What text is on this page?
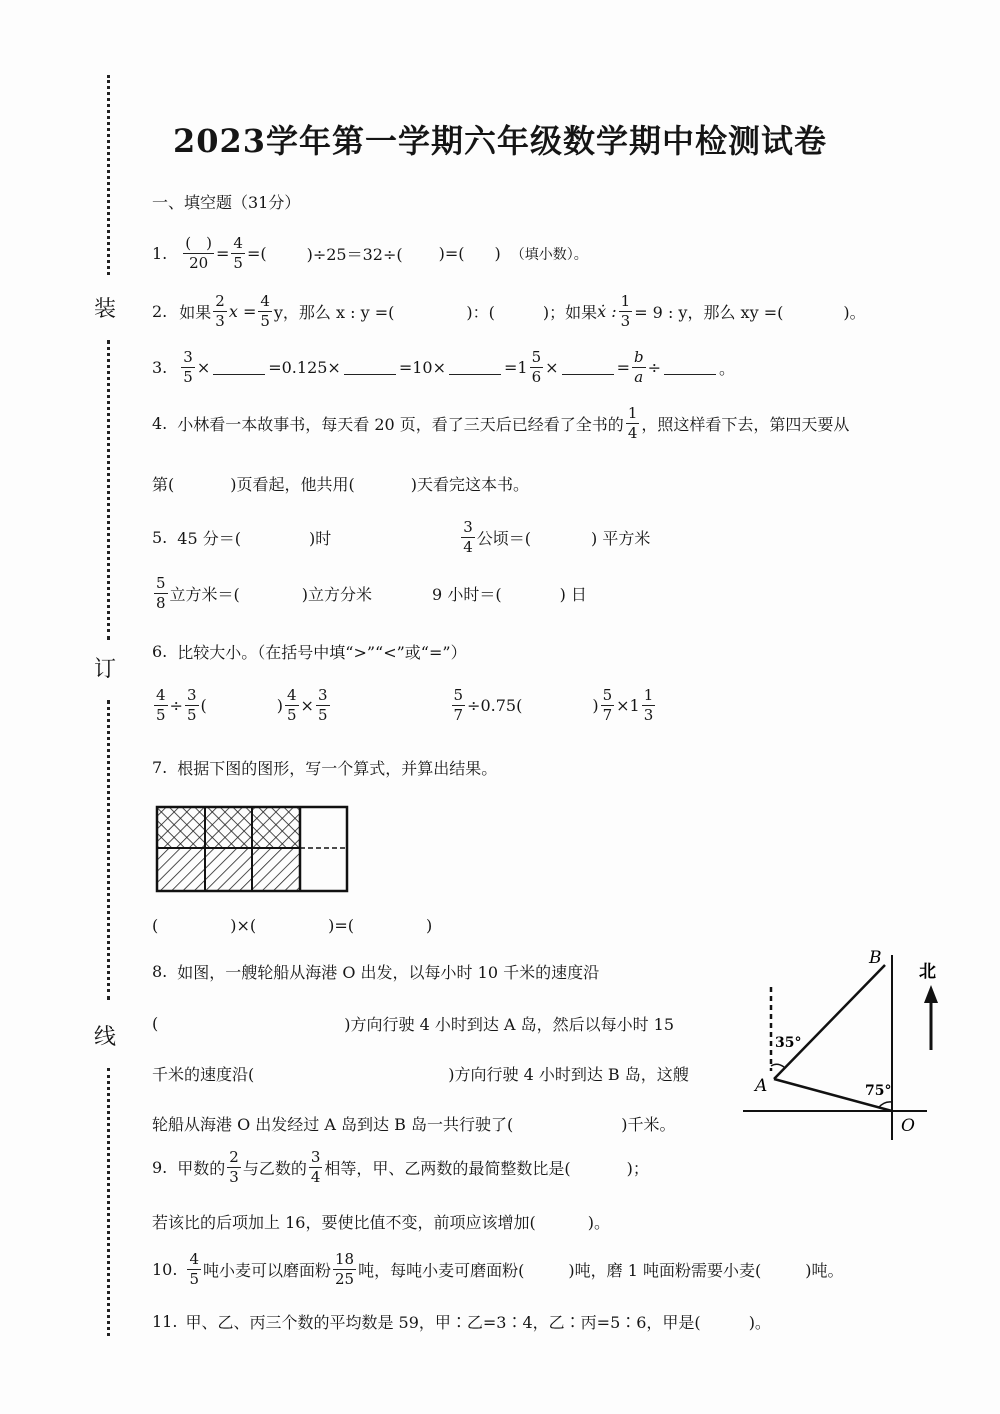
装
订
线
2023学年第一学期六年级数学期中检测试卷
一、填空题（31分）
1. $\frac{( )}{20} = \frac{4}{5}$ =(	)÷25＝32÷( )=( ) （填小数）。
2. 如果 $\frac{2}{3}$ $x = \frac{4}{5}$ y，那么 x : y =(	)：(	)；如果 ẋ : $\frac{1}{3} = 9$ : y，那么 xy =(	)。
3. $\frac{3}{5}$ ×	=0.125×	=10×	$=1 \frac{5}{6}$ ×	= $\frac{b}{a}$ ÷	。
4. 小林看一本故事书，每天看 20 页，看了三天后已经看了全书的 $\frac{1}{4}$ ，照这样看下去，第四天要从
第(	)页看起，他共用(	)天看完这本书。
5. 45 分＝(	)时	$\frac{3}{4}$ 公顷＝(	) 平方米
$\frac{5}{8}$ 立方米＝(	)立方分米	9 小时＝(	) 日
6. 比较大小。（在括号中填“>”“<”或“=”）
$\frac{4}{5} \div \frac{3}{5}$ (	) $\frac{4}{5} \times \frac{3}{5}$	$\frac{5}{7} \div 0.75$(	) $\frac{5}{7} \times 1 \frac{1}{3}$
7. 根据下图的图形，写一个算式，并算出结果。
(	)×(	)=(	)
8. 如图，一艘轮船从海港 O 出发，以每小时 10 千米的速度沿
(	)方向行驶 4 小时到达 A 岛，然后以每小时 15
千米的速度沿(	)方向行驶 4 小时到达 B 岛，这艘
轮船从海港 O 出发经过 A 岛到达 B 岛一共行驶了(	)千米。
北
B
A
O
35°
75°
9. 甲数的 $\frac{2}{3}$ 与乙数的 $\frac{3}{4}$ 相等，甲、乙两数的最简整数比是(	)；
若该比的后项加上 16，要使比值不变，前项应该增加(	)。
10. $\frac{4}{5}$ 吨小麦可以磨面粉 $\frac{18}{25}$ 吨，每吨小麦可磨面粉(	)吨，磨 1 吨面粉需要小麦(	)吨。
11. 甲、乙、丙三个数的平均数是 59，甲∶乙=3∶4，乙∶丙=5∶6，甲是(	)。
